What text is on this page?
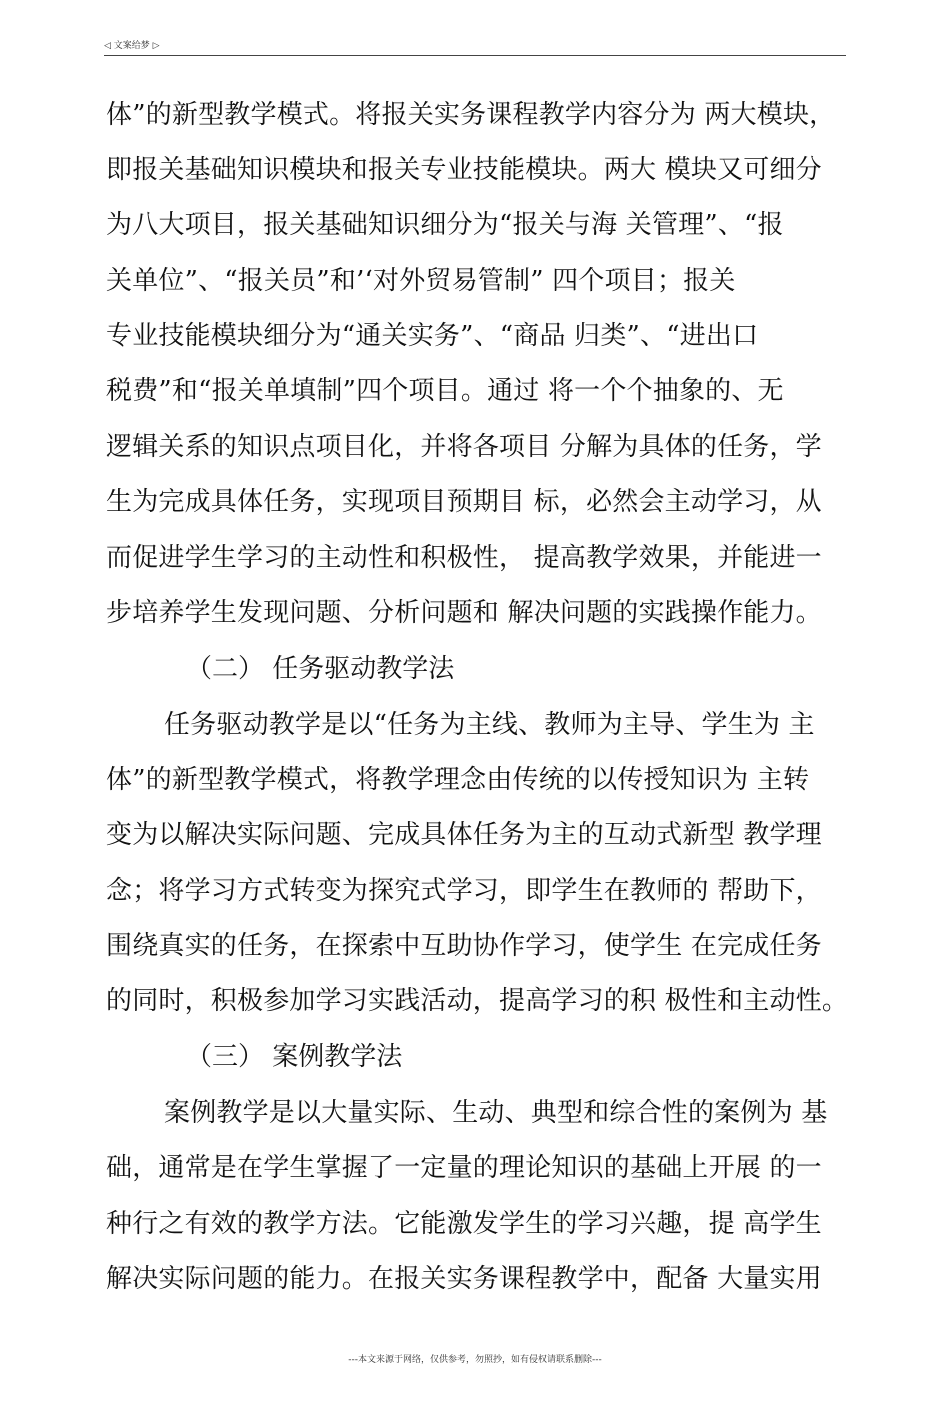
◁ 文案给梦 ▷
体”的新型教学模式。将报关实务课程教学内容分为 两大模块，
即报关基础知识模块和报关专业技能模块。两大 模块又可细分
为八大项目，报关基础知识细分为“报关与海 关管理”、“报
关单位”、“报关员”和’‘对外贸易管制” 四个项目；报关
专业技能模块细分为“通关实务”、“商品 归类”、“进出口
税费”和“报关单填制”四个项目。通过 将一个个抽象的、无
逻辑关系的知识点项目化，并将各项目 分解为具体的任务，学
生为完成具体任务，实现项目预期目 标，必然会主动学习，从
而促进学生学习的主动性和积极性， 提高教学效果，并能进一
步培养学生发现问题、分析问题和 解决问题的实践操作能力。
（二） 任务驱动教学法
任务驱动教学是以“任务为主线、教师为主导、学生为 主
体”的新型教学模式，将教学理念由传统的以传授知识为 主转
变为以解决实际问题、完成具体任务为主的互动式新型 教学理
念；将学习方式转变为探究式学习，即学生在教师的 帮助下，
围绕真实的任务，在探索中互助协作学习，使学生 在完成任务
的同时，积极参加学习实践活动，提高学习的积 极性和主动性。
（三） 案例教学法
案例教学是以大量实际、生动、典型和综合性的案例为 基
础，通常是在学生掌握了一定量的理论知识的基础上开展 的一
种行之有效的教学方法。它能激发学生的学习兴趣，提 高学生
解决实际问题的能力。在报关实务课程教学中，配备 大量实用
---本文来源于网络，仅供参考，勿照抄，如有侵权请联系删除---
